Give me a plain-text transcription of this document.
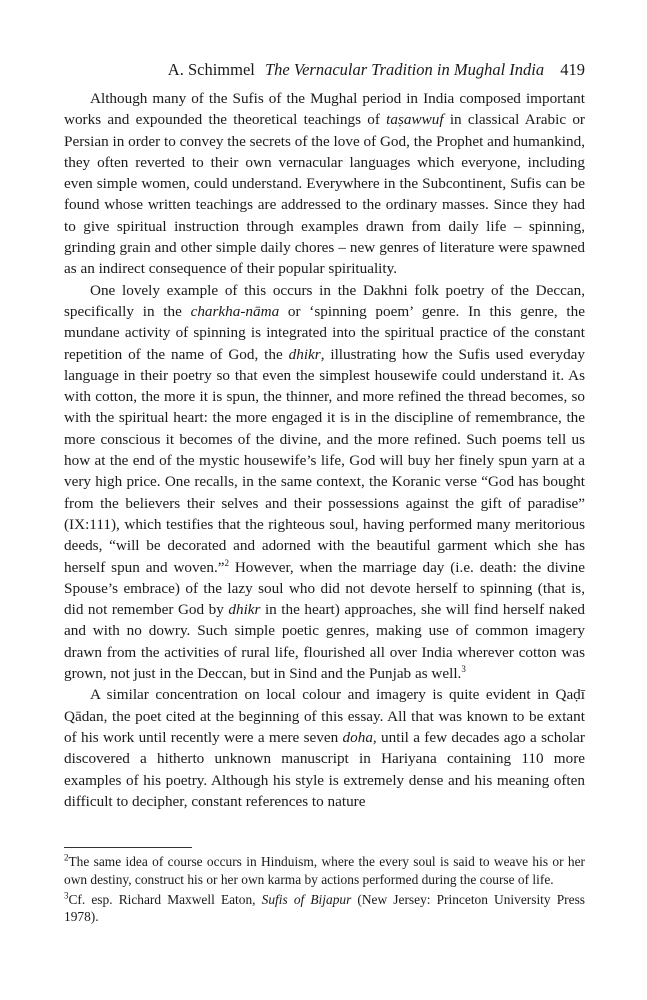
A. Schimmel The Vernacular Tradition in Mughal India 419

Although many of the Sufis of the Mughal period in India composed important works and expounded the theoretical teachings of taṣawwuf in classical Arabic or Persian in order to convey the secrets of the love of God, the Prophet and humankind, they often reverted to their own vernacular languages which everyone, including even simple women, could understand. Everywhere in the Subcontinent, Sufis can be found whose written teachings are addressed to the ordinary masses. Since they had to give spiritual instruction through examples drawn from daily life – spinning, grinding grain and other simple daily chores – new genres of literature were spawned as an indirect consequence of their popular spirituality.

One lovely example of this occurs in the Dakhni folk poetry of the Deccan, specifically in the charkha-nāma or ‘spinning poem’ genre. In this genre, the mundane activity of spinning is integrated into the spiritual practice of the constant repetition of the name of God, the dhikr, illustrating how the Sufis used everyday language in their poetry so that even the simplest housewife could understand it. As with cotton, the more it is spun, the thinner, and more refined the thread becomes, so with the spiritual heart: the more engaged it is in the discipline of remembrance, the more conscious it becomes of the divine, and the more refined. Such poems tell us how at the end of the mystic housewife’s life, God will buy her finely spun yarn at a very high price. One recalls, in the same context, the Koranic verse “God has bought from the believers their selves and their possessions against the gift of paradise” (IX:111), which testifies that the righteous soul, having performed many meritorious deeds, “will be decorated and adorned with the beautiful garment which she has herself spun and woven.”$^2$ However, when the marriage day (i.e. death: the divine Spouse’s embrace) of the lazy soul who did not devote herself to spinning (that is, did not remember God by dhikr in the heart) approaches, she will find herself naked and with no dowry. Such simple poetic genres, making use of common imagery drawn from the activities of rural life, flourished all over India wherever cotton was grown, not just in the Deccan, but in Sind and the Punjab as well.$^3$

A similar concentration on local colour and imagery is quite evident in Qaḍī Qādan, the poet cited at the beginning of this essay. All that was known to be extant of his work until recently were a mere seven doha, until a few decades ago a scholar discovered a hitherto unknown manuscript in Hariyana containing 110 more examples of his poetry. Although his style is extremely dense and his meaning often difficult to decipher, constant references to nature

$^2$The same idea of course occurs in Hinduism, where the every soul is said to weave his or her own destiny, construct his or her own karma by actions performed during the course of life.

$^3$Cf. esp. Richard Maxwell Eaton, Sufis of Bijapur (New Jersey: Princeton University Press 1978).
